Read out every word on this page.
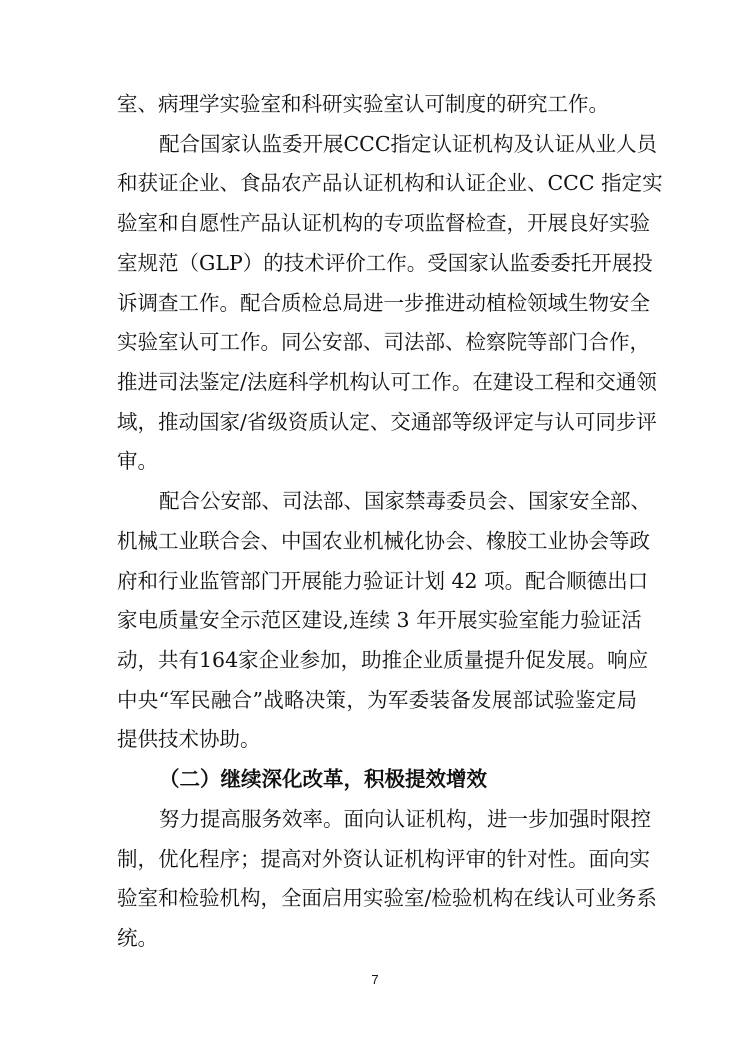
室、病理学实验室和科研实验室认可制度的研究工作。
配合国家认监委开展CCC指定认证机构及认证从业人员
和获证企业、食品农产品认证机构和认证企业、CCC 指定实
验室和自愿性产品认证机构的专项监督检查，开展良好实验
室规范（GLP）的技术评价工作。受国家认监委委托开展投
诉调查工作。配合质检总局进一步推进动植检领域生物安全
实验室认可工作。同公安部、司法部、检察院等部门合作，
推进司法鉴定/法庭科学机构认可工作。在建设工程和交通领
域，推动国家/省级资质认定、交通部等级评定与认可同步评
审。
配合公安部、司法部、国家禁毒委员会、国家安全部、
机械工业联合会、中国农业机械化协会、橡胶工业协会等政
府和行业监管部门开展能力验证计划 42 项。配合顺德出口
家电质量安全示范区建设,连续 3 年开展实验室能力验证活
动，共有164家企业参加，助推企业质量提升促发展。响应
中央“军民融合”战略决策，为军委装备发展部试验鉴定局
提供技术协助。
（二）继续深化改革，积极提效增效
努力提高服务效率。面向认证机构，进一步加强时限控
制，优化程序；提高对外资认证机构评审的针对性。面向实
验室和检验机构，全面启用实验室/检验机构在线认可业务系
统。
7
